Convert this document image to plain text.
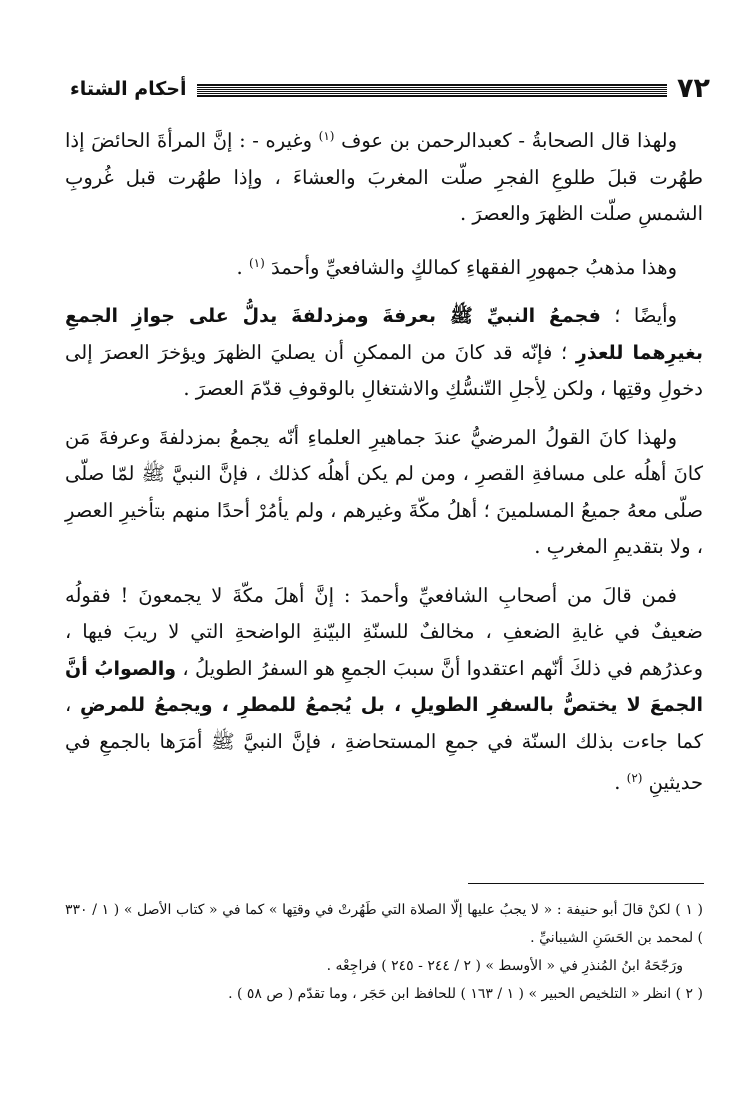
٧٢
أحكام الشتاء

ولهذا قال الصحابةُ - كعبدالرحمن بن عوف $^{(١)}$ وغيره - : إنَّ المرأةَ الحائضَ إذا طهُرت قبلَ طلوعِ الفجرِ صلّت المغربَ والعشاءَ ، وإذا طهُرت قبل غُروبِ الشمسِ صلّت الظهرَ والعصرَ .

وهذا مذهبُ جمهورِ الفقهاءِ كمالكٍ والشافعيِّ وأحمدَ $^{(١)}$ .

وأيضًا ؛ فجمعُ النبيِّ ﷺ بعرفةَ ومزدلفةَ يدلُّ على جوازِ الجمعِ بغيرِهما للعذرِ ؛ فإنّه قد كانَ من الممكنِ أن يصليَ الظهرَ ويؤخرَ العصرَ إلى دخولِ وقتِها ، ولكن لِأجلِ التّنسُّكِ والاشتغالِ بالوقوفِ قدّمَ العصرَ .

ولهذا كانَ القولُ المرضيُّ عندَ جماهيرِ العلماءِ أنّه يجمعُ بمزدلفةَ وعرفةَ مَن كانَ أهلُه على مسافةِ القصرِ ، ومن لم يكن أهلُه كذلك ، فإنَّ النبيَّ ﷺ لمّا صلّى صلّى معهُ جميعُ المسلمينَ ؛ أهلُ مكّةَ وغيرهم ، ولم يأمُرْ أحدًا منهم بتأخيرِ العصرِ ، ولا بتقديمِ المغربِ .

فمن قالَ من أصحابِ الشافعيِّ وأحمدَ : إنَّ أهلَ مكّةَ لا يجمعونَ ! فقولُه ضعيفٌ في غايةِ الضعفِ ، مخالفٌ للسنّةِ البيّنةِ الواضحةِ التي لا ريبَ فيها ، وعذرُهم في ذلكَ أنّهم اعتقدوا أنَّ سببَ الجمعِ هو السفرُ الطويلُ ، والصوابُ أنَّ الجمعَ لا يختصُّ بالسفرِ الطويلِ ، بل يُجمعُ للمطرِ ، ويجمعُ للمرضِ ، كما جاءت بذلك السنّة في جمعِ المستحاضةِ ، فإنَّ النبيَّ ﷺ أمَرَها بالجمعِ في حديثينِ $^{(٢)}$ .

( ١ ) لكنْ قالَ أبو حنيفة : « لا يجبُ عليها إلّا الصلاة التي طَهُرتْ في وقتِها » كما في « كتاب الأصل » ( ١ / ٣٣٠ ) لمحمد بن الحَسَنِ الشيبانيِّ .

ورَجّحَهُ ابنُ المُنذرِ في « الأوسط » ( ٢ / ٢٤٤ - ٢٤٥ ) فراجِعْه .

( ٢ ) انظر « التلخيص الحبير » ( ١ / ١٦٣ ) للحافظ ابن حَجَر ، وما تقدّم ( ص ٥٨ ) .
